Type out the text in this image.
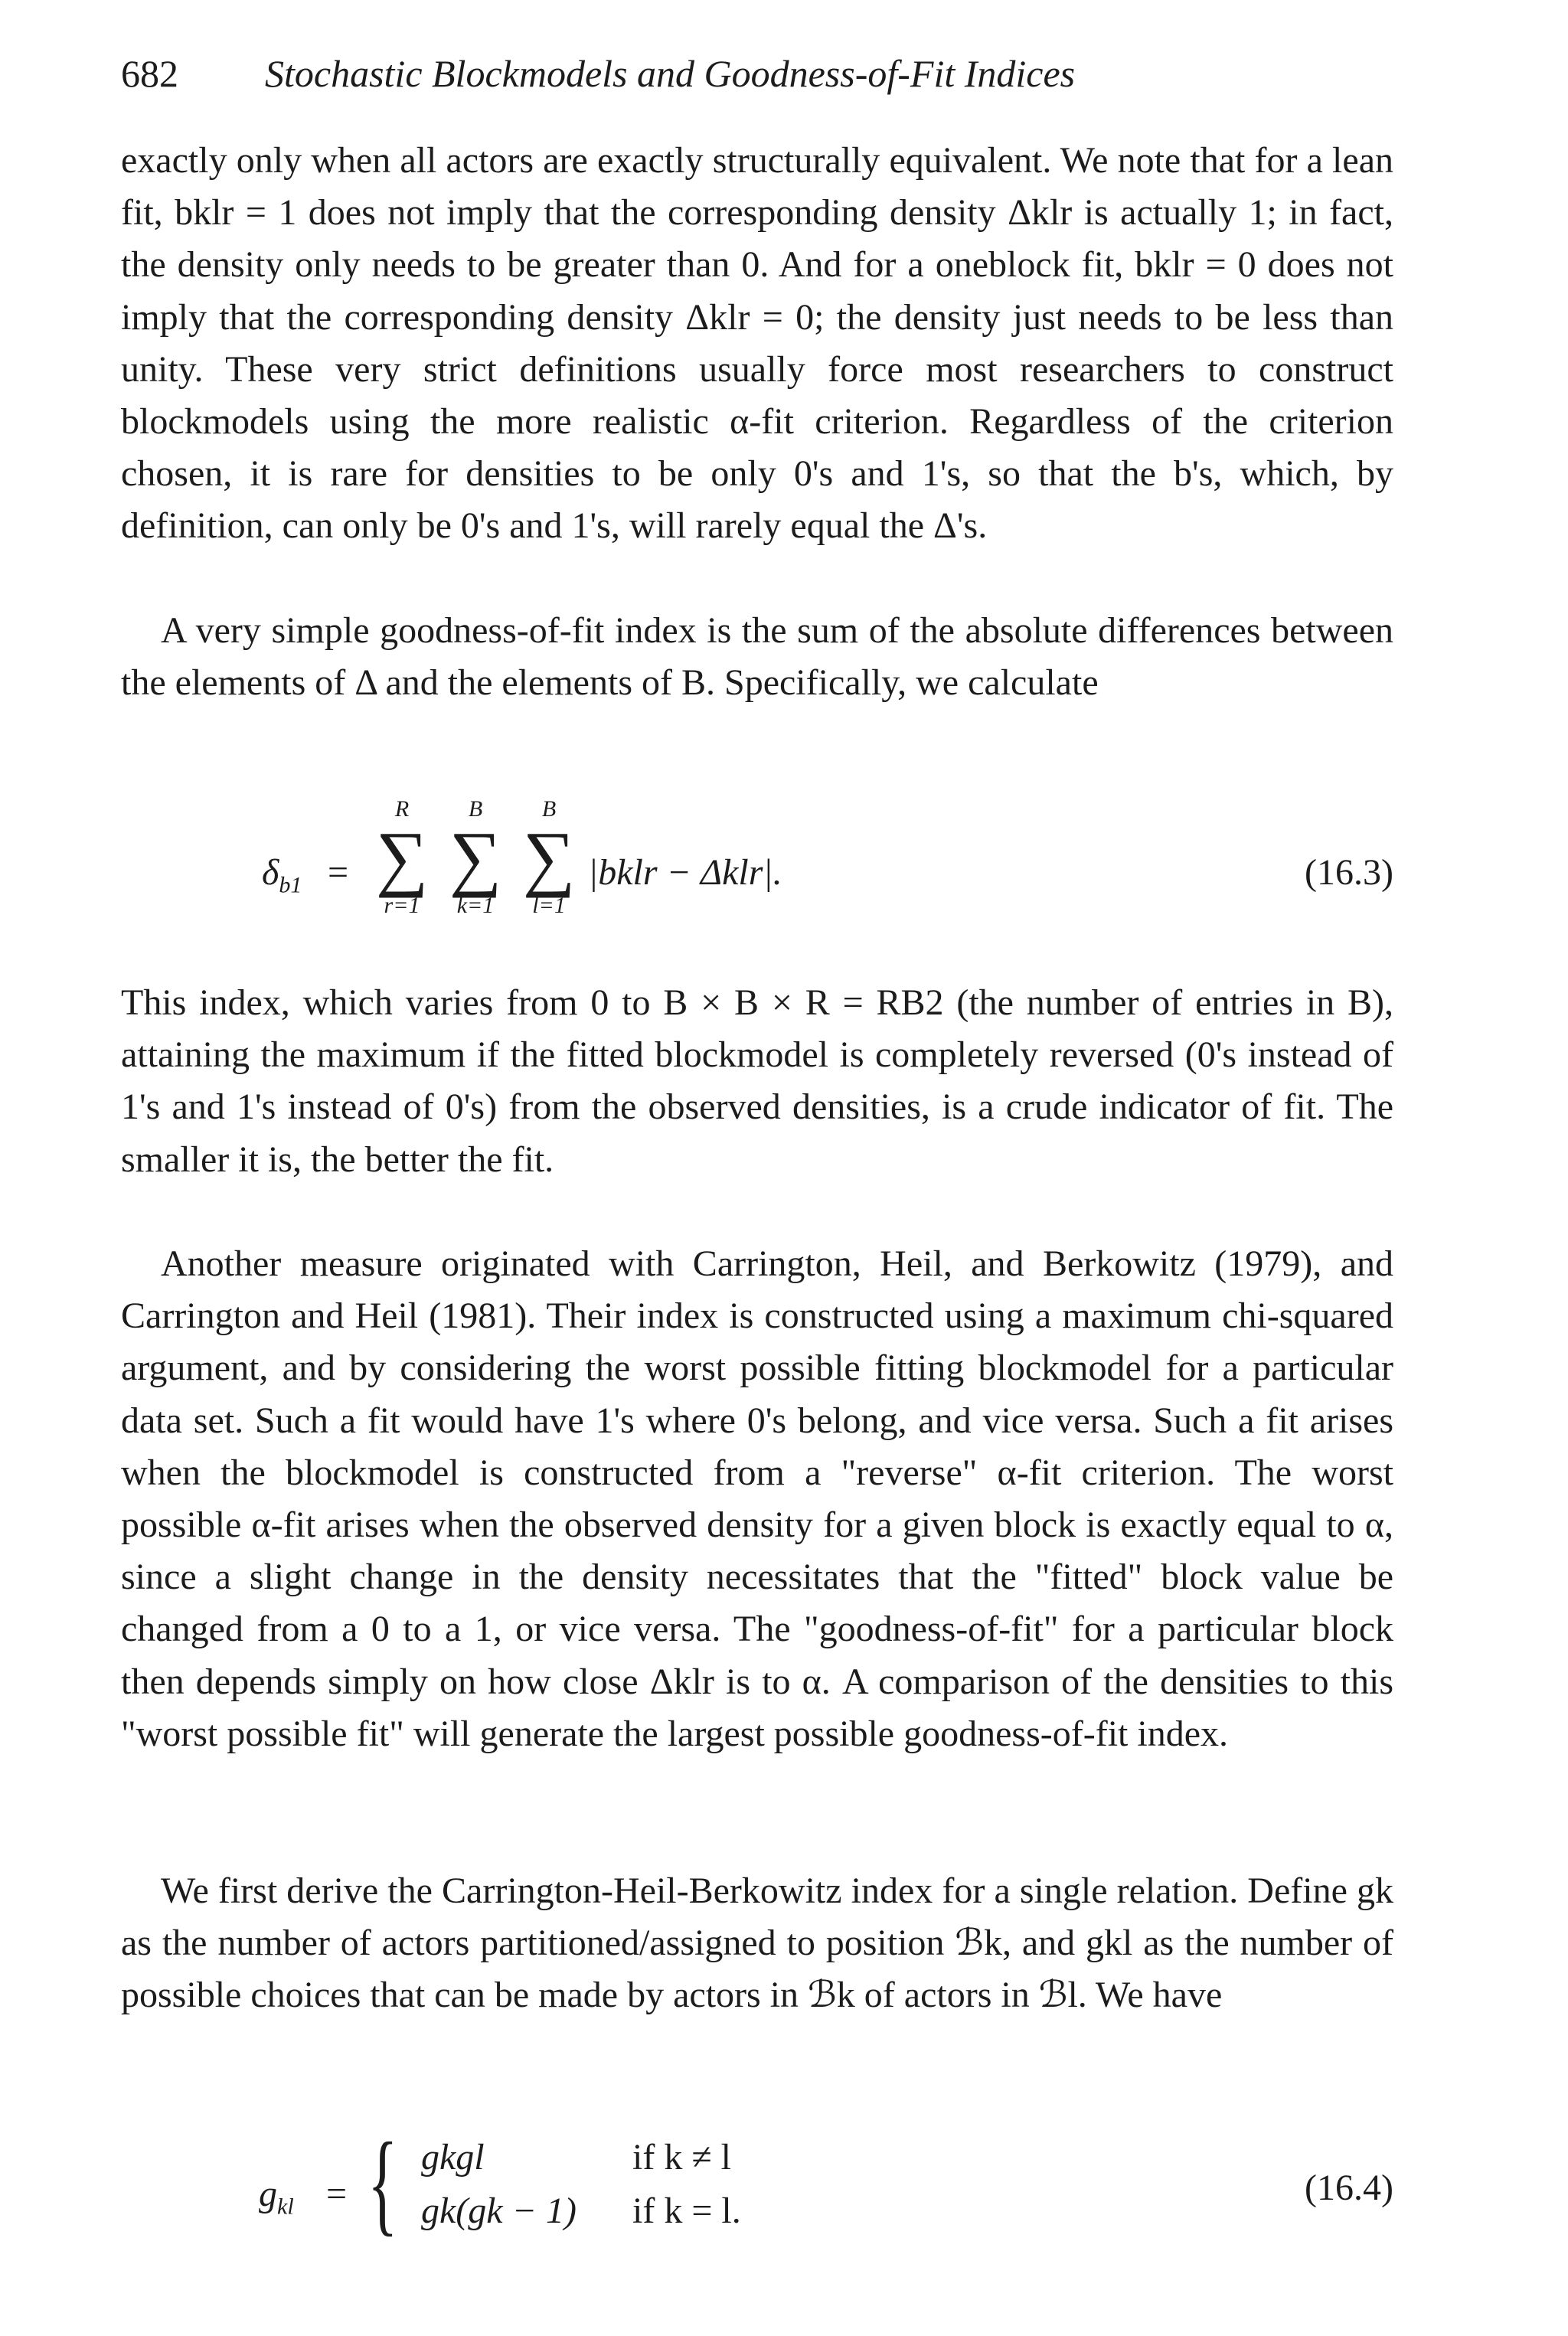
682 Stochastic Blockmodels and Goodness-of-Fit Indices

exactly only when all actors are exactly structurally equivalent. We note that for a lean fit, bklr = 1 does not imply that the corresponding density Δklr is actually 1; in fact, the density only needs to be greater than 0. And for a oneblock fit, bklr = 0 does not imply that the corresponding density Δklr = 0; the density just needs to be less than unity. These very strict definitions usually force most researchers to construct blockmodels using the more realistic α-fit criterion. Regardless of the criterion chosen, it is rare for densities to be only 0's and 1's, so that the b's, which, by definition, can only be 0's and 1's, will rarely equal the Δ's.

A very simple goodness-of-fit index is the sum of the absolute differences between the elements of Δ and the elements of B. Specifically, we calculate

$\delta_{b1}$ =
R
∑
r=1
B
∑
k=1
B
∑
l=1
|bklr − Δklr|.	(16.3)

This index, which varies from 0 to B × B × R = RB2 (the number of entries in B), attaining the maximum if the fitted blockmodel is completely reversed (0's instead of 1's and 1's instead of 0's) from the observed densities, is a crude indicator of fit. The smaller it is, the better the fit.

Another measure originated with Carrington, Heil, and Berkowitz (1979), and Carrington and Heil (1981). Their index is constructed using a maximum chi-squared argument, and by considering the worst possible fitting blockmodel for a particular data set. Such a fit would have 1's where 0's belong, and vice versa. Such a fit arises when the blockmodel is constructed from a "reverse" α-fit criterion. The worst possible α-fit arises when the observed density for a given block is exactly equal to α, since a slight change in the density necessitates that the "fitted" block value be changed from a 0 to a 1, or vice versa. The "goodness-of-fit" for a particular block then depends simply on how close Δklr is to α. A comparison of the densities to this "worst possible fit" will generate the largest possible goodness-of-fit index.

We first derive the Carrington-Heil-Berkowitz index for a single relation. Define gk as the number of actors partitioned/assigned to position ℬk, and gkl as the number of possible choices that can be made by actors in ℬk of actors in ℬl. We have

$g_{kl}$ = { gkgl	if k ≠ l
gk(gk − 1) if k = l.
(16.4)
